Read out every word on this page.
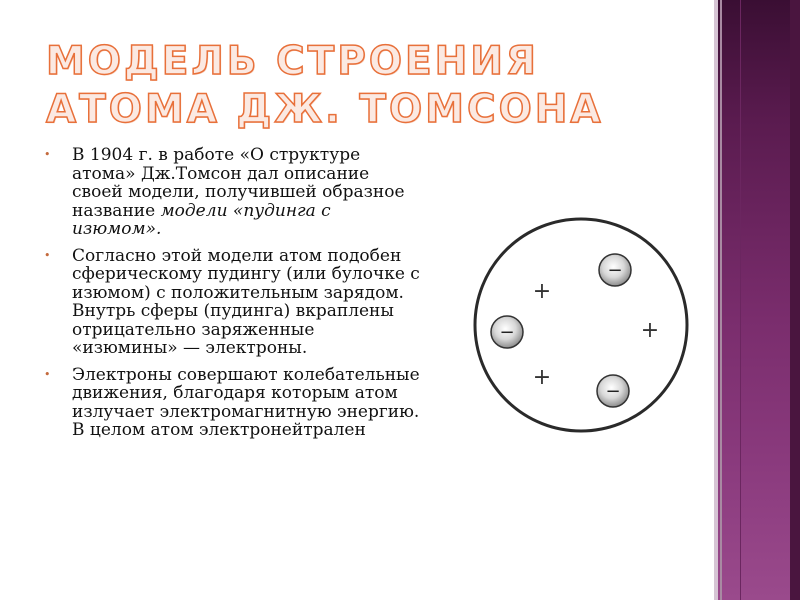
МОДЕЛЬ СТРОЕНИЯ АТОМА ДЖ. ТОМСОНА
• В 1904 г. в работе «О структуре атома» Дж.Томсон дал описание своей модели, получившей образное название модели «пудинга с изюмом».
• Согласно этой модели атом подобен сферическому пудингу (или булочке с изюмом) с положительным зарядом. Внутрь сферы (пудинга) вкраплены отрицательно заряженные «изюмины» — электроны.
• Электроны совершают колебательные движения, благодаря которым атом излучает электромагнитную энергию. В целом атом электронейтрален
+
+
+
−
−
−
